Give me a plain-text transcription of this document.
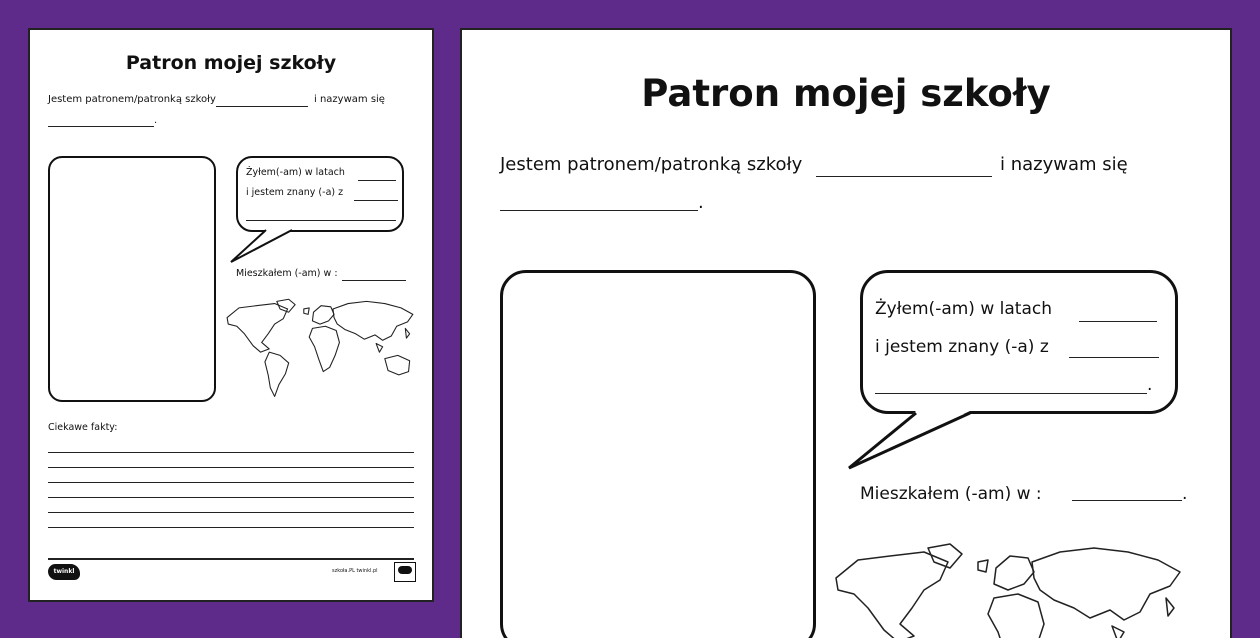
Patron mojej szkoły
Jestem patronem/patronką szkoły	i nazywam się
.
Żyłem(-am) w latach
i jestem znany (-a) z
Mieszkałem (-am) w :
Ciekawe fakty:
twinkl	szkoła.PL twinkl.pl
Patron mojej szkoły
Jestem patronem/patronką szkoły	i nazywam się
.
Żyłem(-am) w latach
i jestem znany (-a) z
.
Mieszkałem (-am) w :	.
